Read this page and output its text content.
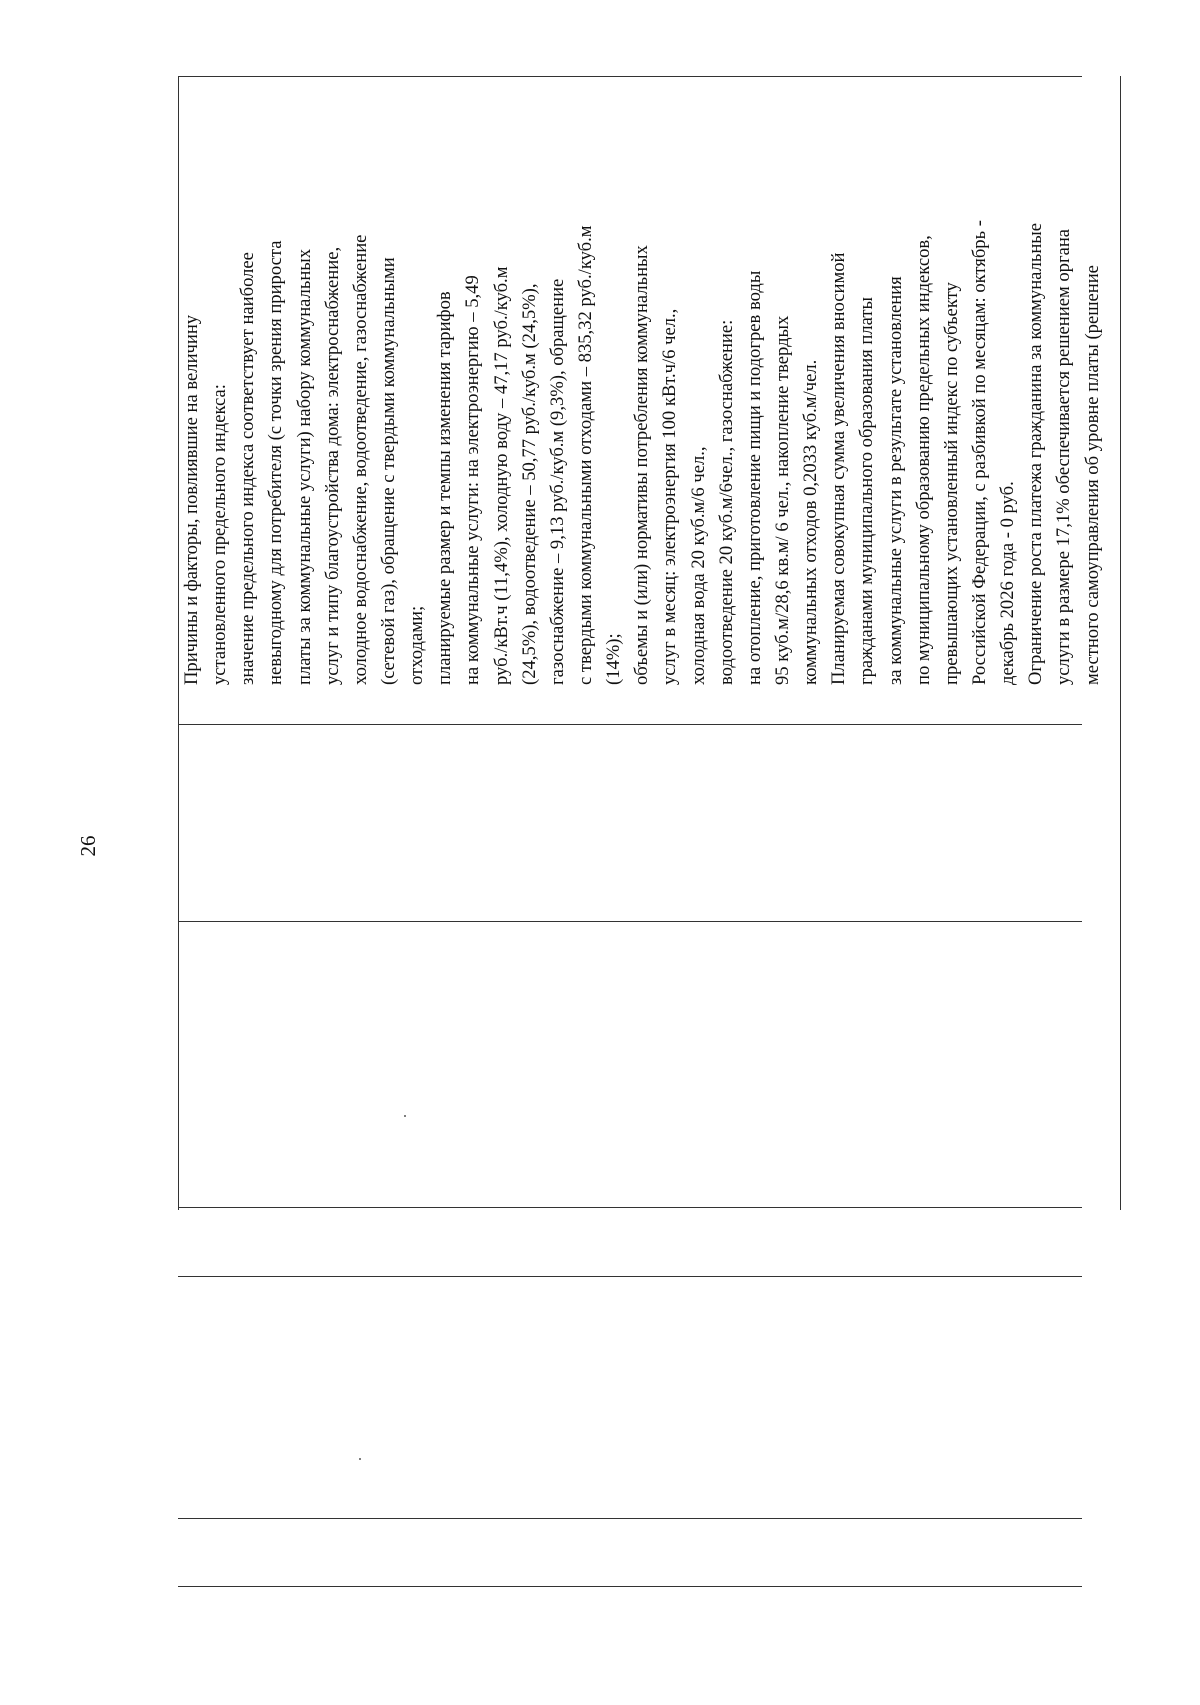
26
Причины и факторы, повлиявшие на величину установленного предельного индекса: значение предельного индекса соответствует наиболее невыгодному для потребителя (с точки зрения прироста платы за коммунальные услуги) набору коммунальных услуг и типу благоустройства дома: электроснабжение, холодное водоснабжение, водоотведение, газоснабжение (сетевой газ), обращение с твердыми коммунальными отходами; планируемые размер и темпы изменения тарифов на коммунальные услуги: на электроэнергию – 5,49 руб./кВт.ч (11,4%), холодную воду – 47,17 руб./куб.м (24,5%), водоотведение – 50,77 руб./куб.м (24,5%), газоснабжение – 9,13 руб./куб.м (9,3%), обращение с твердыми коммунальными отходами – 835,32 руб./куб.м (14%); объемы и (или) нормативы потребления коммунальных услуг в месяц: электроэнергия 100 кВт.ч/6 чел., холодная вода 20 куб.м/6 чел., водоотведение 20 куб.м/6чел., газоснабжение: на отопление, приготовление пищи и подогрев воды 95 куб.м/28,6 кв.м/ 6 чел., накопление твердых коммунальных отходов 0,2033 куб.м/чел. Планируемая совокупная сумма увеличения вносимой гражданами муниципального образования платы за коммунальные услуги в результате установления по муниципальному образованию предельных индексов, превышающих установленный индекс по субъекту Российской Федерации, с разбивкой по месяцам: октябрь - декабрь 2026 года - 0 руб. Ограничение роста платежа гражданина за коммунальные услуги в размере 17,1% обеспечивается решением органа местного самоуправления об уровне платы (решение
